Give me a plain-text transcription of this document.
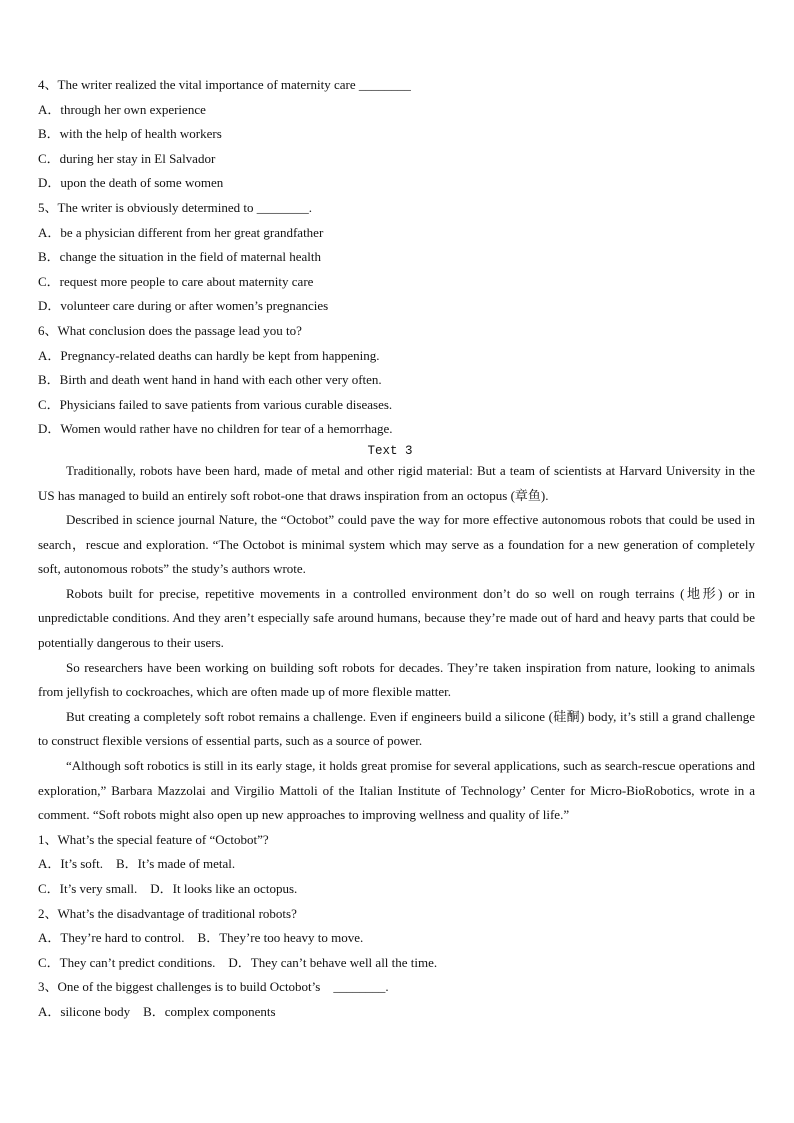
4、The writer realized the vital importance of maternity care ________
A．through her own experience
B．with the help of health workers
C．during her stay in El Salvador
D．upon the death of some women
5、The writer is obviously determined to ________.
A．be a physician different from her great grandfather
B．change the situation in the field of maternal health
C．request more people to care about maternity care
D．volunteer care during or after women’s pregnancies
6、What conclusion does the passage lead you to?
A．Pregnancy-related deaths can hardly be kept from happening.
B．Birth and death went hand in hand with each other very often.
C．Physicians failed to save patients from various curable diseases.
D．Women would rather have no children for tear of a hemorrhage.
Text 3
Traditionally, robots have been hard, made of metal and other rigid material: But a team of scientists at Harvard University in the US has managed to build an entirely soft robot-one that draws inspiration from an octopus (章鱼).
Described in science journal Nature, the “Octobot” could pave the way for more effective autonomous robots that could be used in search，rescue and exploration. “The Octobot is minimal system which may serve as a foundation for a new generation of completely soft, autonomous robots” the study’s authors wrote.
Robots built for precise, repetitive movements in a controlled environment don’t do so well on rough terrains (地形) or in unpredictable conditions. And they aren’t especially safe around humans, because they’re made out of hard and heavy parts that could be potentially dangerous to their users.
So researchers have been working on building soft robots for decades. They’re taken inspiration from nature, looking to animals from jellyfish to cockroaches, which are often made up of more flexible matter.
But creating a completely soft robot remains a challenge. Even if engineers build a silicone (硅酮) body, it’s still a grand challenge to construct flexible versions of essential parts, such as a source of power.
“Although soft robotics is still in its early stage, it holds great promise for several applications, such as search-rescue operations and exploration,” Barbara Mazzolai and Virgilio Mattoli of the Italian Institute of Technology’ Center for Micro-BioRobotics, wrote in a comment. “Soft robots might also open up new approaches to improving wellness and quality of life.”
1、What’s the special feature of “Octobot”?
A．It’s soft.    B．It’s made of metal.
C．It’s very small.    D．It looks like an octopus.
2、What’s the disadvantage of traditional robots?
A．They’re hard to control.    B．They’re too heavy to move.
C．They can’t predict conditions.    D．They can’t behave well all the time.
3、One of the biggest challenges is to build Octobot’s    ________.
A．silicone body    B．complex components
